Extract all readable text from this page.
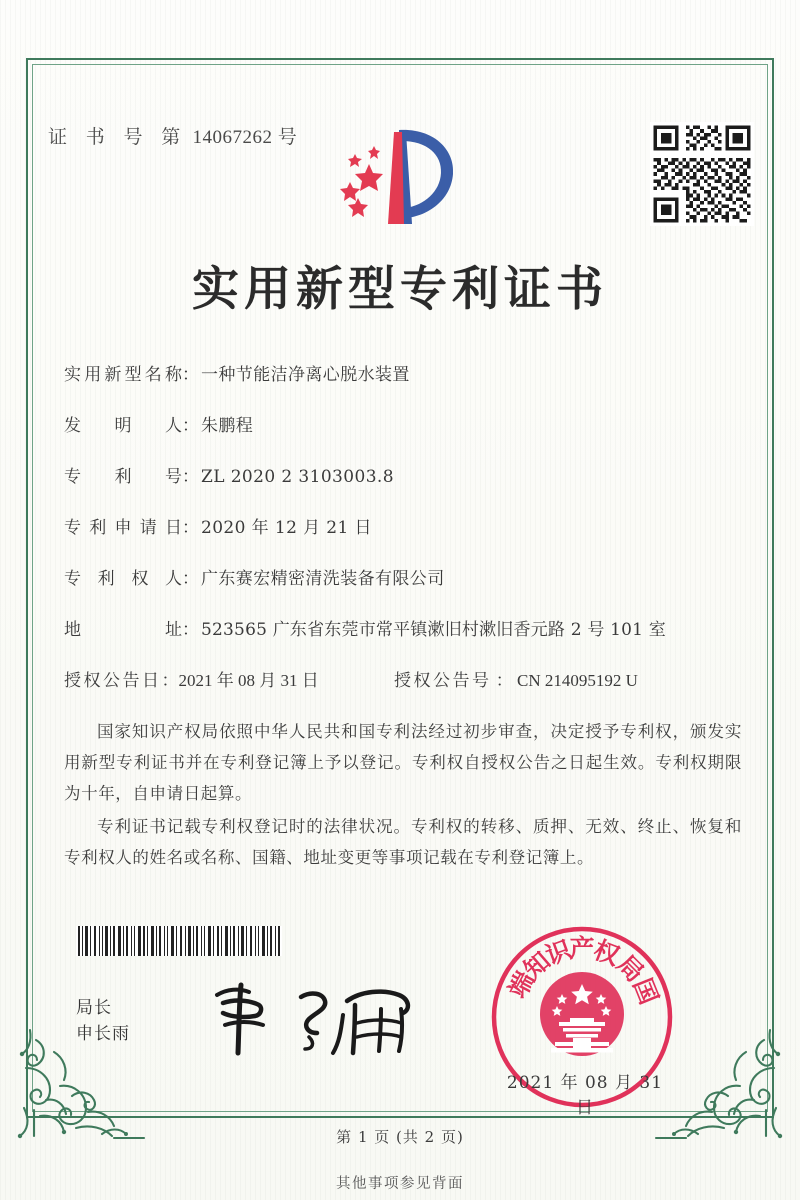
证 书 号 第 14067262 号
实用新型专利证书
实 用 新 型 名 称 ： 一种节能洁净离心脱水装置
发 明 人 ： 朱鹏程
专 利 号 ： ZL 2020 2 3103003.8
专 利 申 请 日 ： 2020 年 12 月 21 日
专 利 权 人 ： 广东赛宏精密清洗装备有限公司
地	址 ： 523565 广东省东莞市常平镇漱旧村漱旧香元路 2 号 101 室
授权公告日 ： 2021 年 08 月 31 日	授权公告号 ： CN 214095192 U

国家知识产权局依照中华人民共和国专利法经过初步审查，决定授予专利权，颁发实用新型专利证书并在专利登记簿上予以登记。专利权自授权公告之日起生效。专利权期限为十年，自申请日起算。

专利证书记载专利权登记时的法律状况。专利权的转移、质押、无效、终止、恢复和专利权人的姓名或名称、国籍、地址变更等事项记载在专利登记簿上。

局长
申长雨
端
知
识
产
权
局
国
2021 年 08 月 31 日
第 1 页 (共 2 页)
其他事项参见背面
